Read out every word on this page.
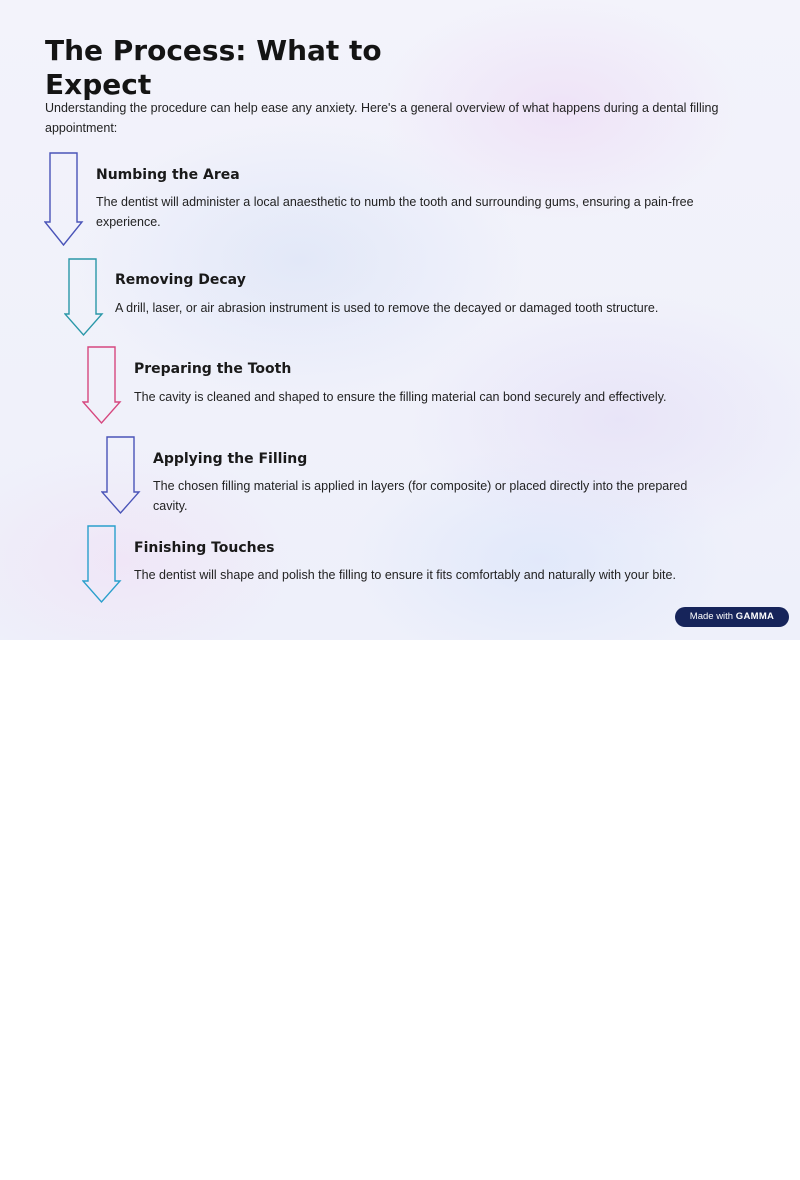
The Process: What to Expect

Understanding the procedure can help ease any anxiety. Here's a general overview of what happens during a dental filling appointment:

Numbing the Area

The dentist will administer a local anaesthetic to numb the tooth and surrounding gums, ensuring a pain-free experience.

Removing Decay

A drill, laser, or air abrasion instrument is used to remove the decayed or damaged tooth structure.

Preparing the Tooth

The cavity is cleaned and shaped to ensure the filling material can bond securely and effectively.

Applying the Filling

The chosen filling material is applied in layers (for composite) or placed directly into the prepared cavity.

Finishing Touches

The dentist will shape and polish the filling to ensure it fits comfortably and naturally with your bite.

Made with GAMMA
